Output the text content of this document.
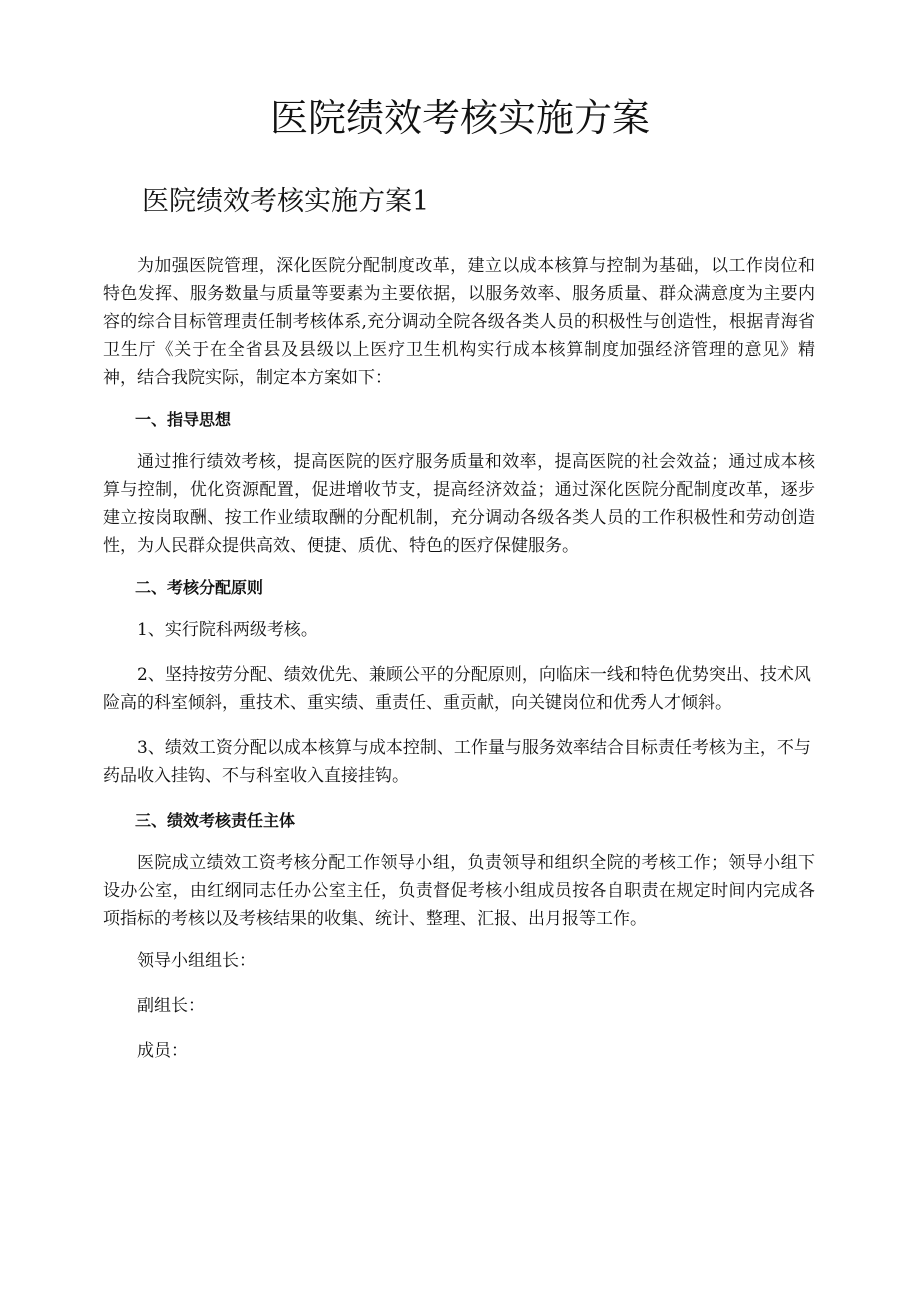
医院绩效考核实施方案
医院绩效考核实施方案1

为加强医院管理，深化医院分配制度改革，建立以成本核算与控制为基础，以工作岗位和特色发挥、服务数量与质量等要素为主要依据，以服务效率、服务质量、群众满意度为主要内容的综合目标管理责任制考核体系,充分调动全院各级各类人员的积极性与创造性，根据青海省卫生厅《关于在全省县及县级以上医疗卫生机构实行成本核算制度加强经济管理的意见》精神，结合我院实际，制定本方案如下：

一、指导思想

通过推行绩效考核，提高医院的医疗服务质量和效率，提高医院的社会效益；通过成本核算与控制，优化资源配置，促进增收节支，提高经济效益；通过深化医院分配制度改革，逐步建立按岗取酬、按工作业绩取酬的分配机制，充分调动各级各类人员的工作积极性和劳动创造性，为人民群众提供高效、便捷、质优、特色的医疗保健服务。

二、考核分配原则

1、实行院科两级考核。

2、坚持按劳分配、绩效优先、兼顾公平的分配原则，向临床一线和特色优势突出、技术风险高的科室倾斜，重技术、重实绩、重责任、重贡献，向关键岗位和优秀人才倾斜。

3、绩效工资分配以成本核算与成本控制、工作量与服务效率结合目标责任考核为主，不与药品收入挂钩、不与科室收入直接挂钩。

三、绩效考核责任主体

医院成立绩效工资考核分配工作领导小组，负责领导和组织全院的考核工作；领导小组下设办公室，由红纲同志任办公室主任，负责督促考核小组成员按各自职责在规定时间内完成各项指标的考核以及考核结果的收集、统计、整理、汇报、出月报等工作。

领导小组组长：

副组长：

成员：
